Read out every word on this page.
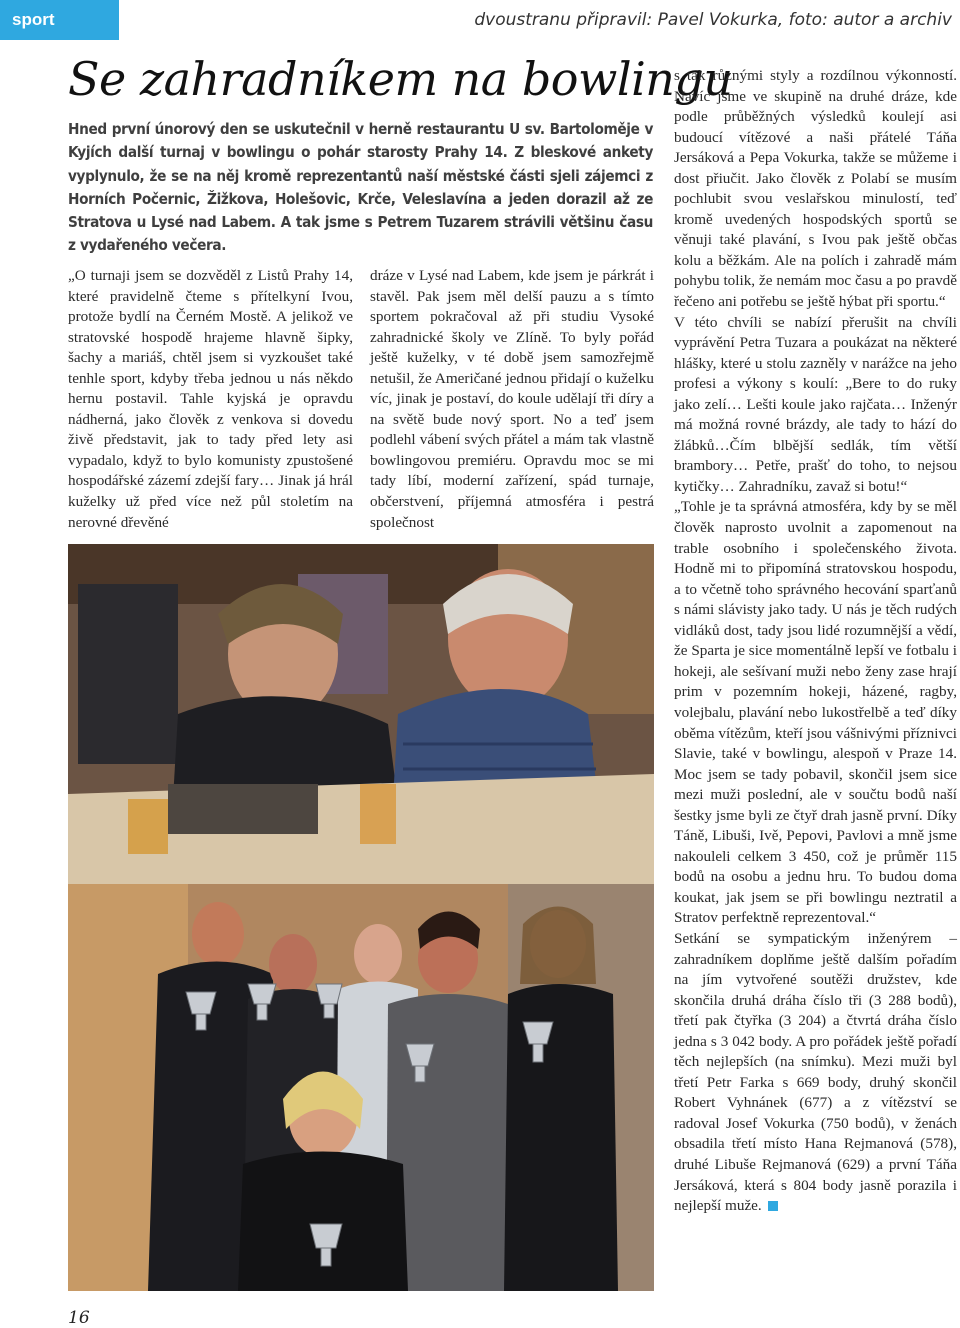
sport	dvoustranu připravil: Pavel Vokurka, foto: autor a archiv
Se zahradníkem na bowlingu

Hned první únorový den se uskutečnil v herně restaurantu U sv. Bartoloměje v Kyjích další turnaj v bowlingu o pohár starosty Prahy 14. Z bleskové ankety vyplynulo, že se na něj kromě reprezentantů naší městské části sjeli zájemci z Horních Počernic, Žižkova, Holešovic, Krče, Veleslavína a jeden dorazil až ze Stratova u Lysé nad Labem. A tak jsme s Petrem Tuzarem strávili většinu času z vydařeného večera.

„O turnaji jsem se dozvěděl z Listů Prahy 14, které pravidelně čteme s přítelkyní Ivou, protože bydlí na Černém Mostě. A jelikož ve stratovské hospodě hrajeme hlavně šipky, šachy a mariáš, chtěl jsem si vyzkoušet také tenhle sport, kdyby třeba jednou u nás někdo hernu postavil. Tahle kyjská je opravdu nádherná, jako člověk z venkova si dovedu živě představit, jak to tady před lety asi vypadalo, když to bylo komunisty zpustošené hospodářské zázemí zdejší fary… Jinak já hrál kuželky už před více než půl stoletím na nerovné dřevěné

dráze v Lysé nad Labem, kde jsem je párkrát i stavěl. Pak jsem měl delší pauzu a s tímto sportem pokračoval až při studiu Vysoké zahradnické školy ve Zlíně. To byly pořád ještě kuželky, v té době jsem samozřejmě netušil, že Američané jednou přidají o kuželku víc, jinak je postaví, do koule udělají tři díry a na světě bude nový sport. No a teď jsem podlehl vábení svých přátel a mám tak vlastně bowlingovou premiéru. Opravdu moc se mi tady líbí, moderní zařízení, spád turnaje, občerstvení, příjemná atmosféra i pestrá společnost

s tak různými styly a rozdílnou výkonností. Navíc jsme ve skupině na druhé dráze, kde podle průběžných výsledků koulejí asi budoucí vítězové a naši přátelé Táňa Jersáková a Pepa Vokurka, takže se můžeme i dost přiučit. Jako člověk z Polabí se musím pochlubit svou veslařskou minulostí, teď kromě uvedených hospodských sportů se věnuji také plavání, s Ivou pak ještě občas kolu a běžkám. Ale na polích i zahradě mám pohybu tolik, že nemám moc času a po pravdě řečeno ani potřebu se ještě hýbat při sportu.“

V této chvíli se nabízí přerušit na chvíli vyprávění Petra Tuzara a poukázat na některé hlášky, které u stolu zazněly v narážce na jeho profesi a výkony s koulí: „Bere to do ruky jako zelí… Lešti koule jako rajčata… Inženýr má možná rovné brázdy, ale tady to hází do žlábků…Čím blbější sedlák, tím větší brambory… Petře, prašť do toho, to nejsou kytičky… Zahradníku, zavaž si botu!“

„Tohle je ta správná atmosféra, kdy by se měl člověk naprosto uvolnit a zapomenout na trable osobního i společenského života. Hodně mi to připomíná stratovskou hospodu, a to včetně toho správného hecování sparťanů s námi slávisty jako tady. U nás je těch rudých vidláků dost, tady jsou lidé rozumnější a vědí, že Sparta je sice momentálně lepší ve fotbalu i hokeji, ale sešívaní muži nebo ženy zase hrají prim v pozemním hokeji, házené, ragby, volejbalu, plavání nebo lukostřelbě a teď díky oběma vítězům, kteří jsou vášnivými příznivci Slavie, také v bowlingu, alespoň v Praze 14. Moc jsem se tady pobavil, skončil jsem sice mezi muži poslední, ale v součtu bodů naší šestky jsme byli ze čtyř drah jasně první. Díky Táně, Libuši, Ivě, Pepovi, Pavlovi a mně jsme nakouleli celkem 3 450, což je průměr 115 bodů na osobu a jednu hru. To budou doma koukat, jak jsem se při bowlingu neztratil a Stratov perfektně reprezentoval.“

Setkání se sympatickým inženýrem – zahradníkem doplňme ještě dalším pořadím na jím vytvořené soutěži družstev, kde skončila druhá dráha číslo tři (3 288 bodů), třetí pak čtyřka (3 204) a čtvrtá dráha číslo jedna s 3 042 body. A pro pořádek ještě pořadí těch nejlepších (na snímku). Mezi muži byl třetí Petr Farka s 669 body, druhý skončil Robert Vyhnánek (677) a z vítězství se radoval Josef Vokurka (750 bodů), v ženách obsadila třetí místo Hana Rejmanová (578), druhé Libuše Rejmanová (629) a první Táňa Jersáková, která s 804 body jasně porazila i nejlepší muže.

16
